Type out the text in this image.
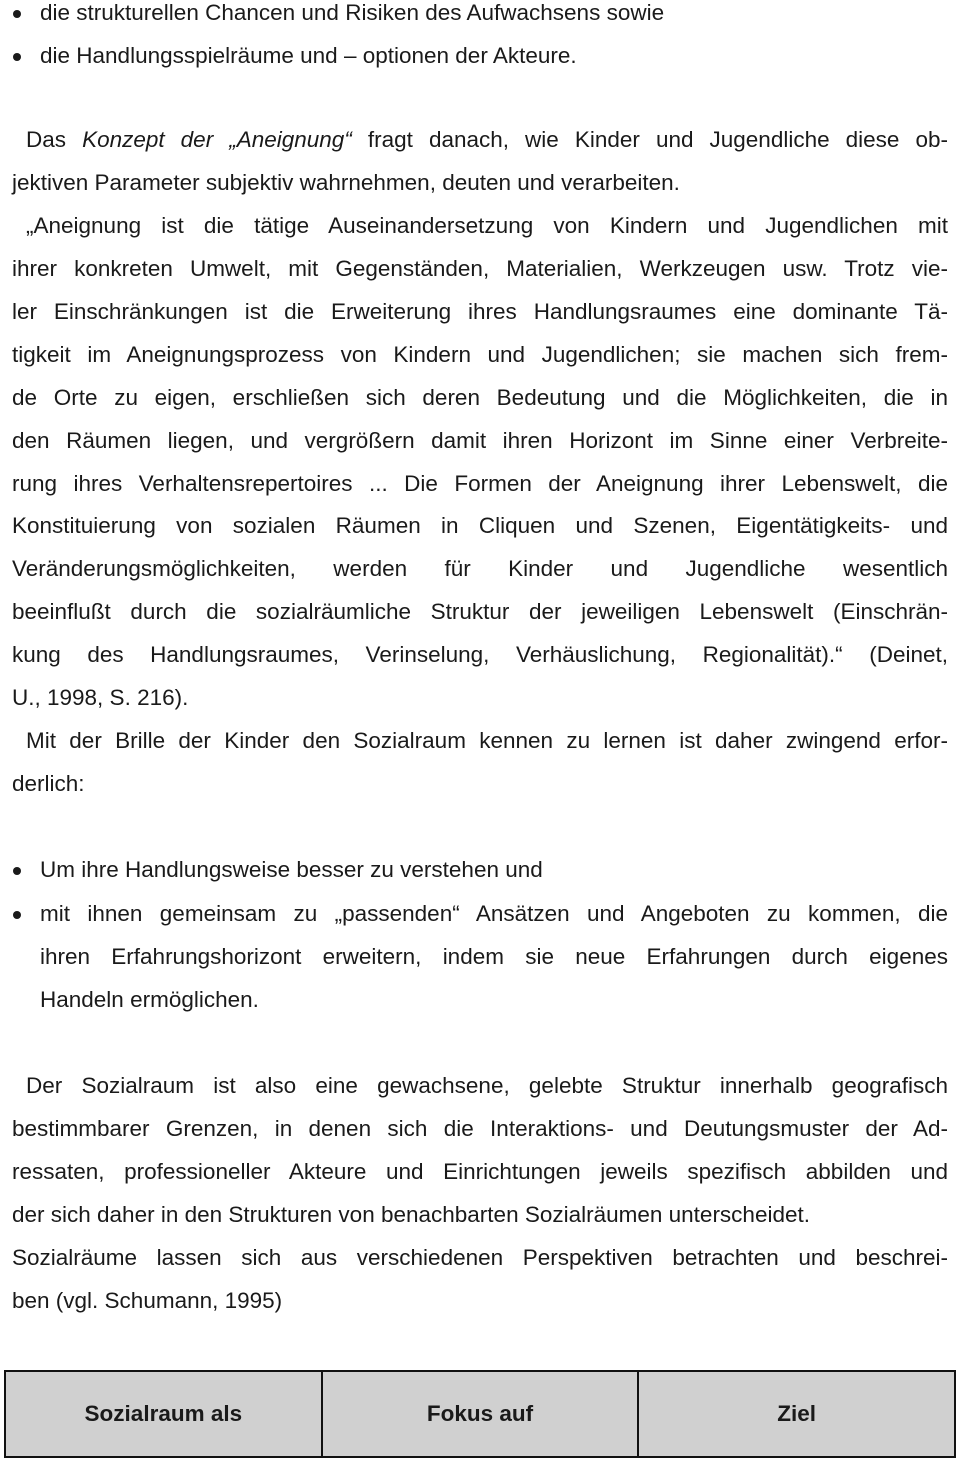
die strukturellen Chancen und Risiken des Aufwachsens sowie
die Handlungsspielräume und – optionen der Akteure.
Das Konzept der „Aneignung“ fragt danach, wie Kinder und Jugendliche diese ob-
jektiven Parameter subjektiv wahrnehmen, deuten und verarbeiten.
„Aneignung ist die tätige Auseinandersetzung von Kindern und Jugendlichen mit
ihrer konkreten Umwelt, mit Gegenständen, Materialien, Werkzeugen usw. Trotz vie-
ler Einschränkungen ist die Erweiterung ihres Handlungsraumes eine dominante Tä-
tigkeit im Aneignungsprozess von Kindern und Jugendlichen; sie machen sich frem-
de Orte zu eigen, erschließen sich deren Bedeutung und die Möglichkeiten, die in
den Räumen liegen, und vergrößern damit ihren Horizont im Sinne einer Verbreite-
rung ihres Verhaltensrepertoires ... Die Formen der Aneignung ihrer Lebenswelt, die
Konstituierung von sozialen Räumen in Cliquen und Szenen, Eigentätigkeits- und
Veränderungsmöglichkeiten, werden für Kinder und Jugendliche wesentlich
beeinflußt durch die sozialräumliche Struktur der jeweiligen Lebenswelt (Einschrän-
kung des Handlungsraumes, Verinselung, Verhäuslichung, Regionalität).“ (Deinet,
U., 1998, S. 216).
Mit der Brille der Kinder den Sozialraum kennen zu lernen ist daher zwingend erfor-
derlich:
Um ihre Handlungsweise besser zu verstehen und
mit ihnen gemeinsam zu „passenden“ Ansätzen und Angeboten zu kommen, die
ihren Erfahrungshorizont erweitern, indem sie neue Erfahrungen durch eigenes
Handeln ermöglichen.
Der Sozialraum ist also eine gewachsene, gelebte Struktur innerhalb geografisch
bestimmbarer Grenzen, in denen sich die Interaktions- und Deutungsmuster der Ad-
ressaten, professioneller Akteure und Einrichtungen jeweils spezifisch abbilden und
der sich daher in den Strukturen von benachbarten Sozialräumen unterscheidet.
Sozialräume lassen sich aus verschiedenen Perspektiven betrachten und beschrei-
ben (vgl. Schumann, 1995)
Sozialraum als	Fokus auf	Ziel
